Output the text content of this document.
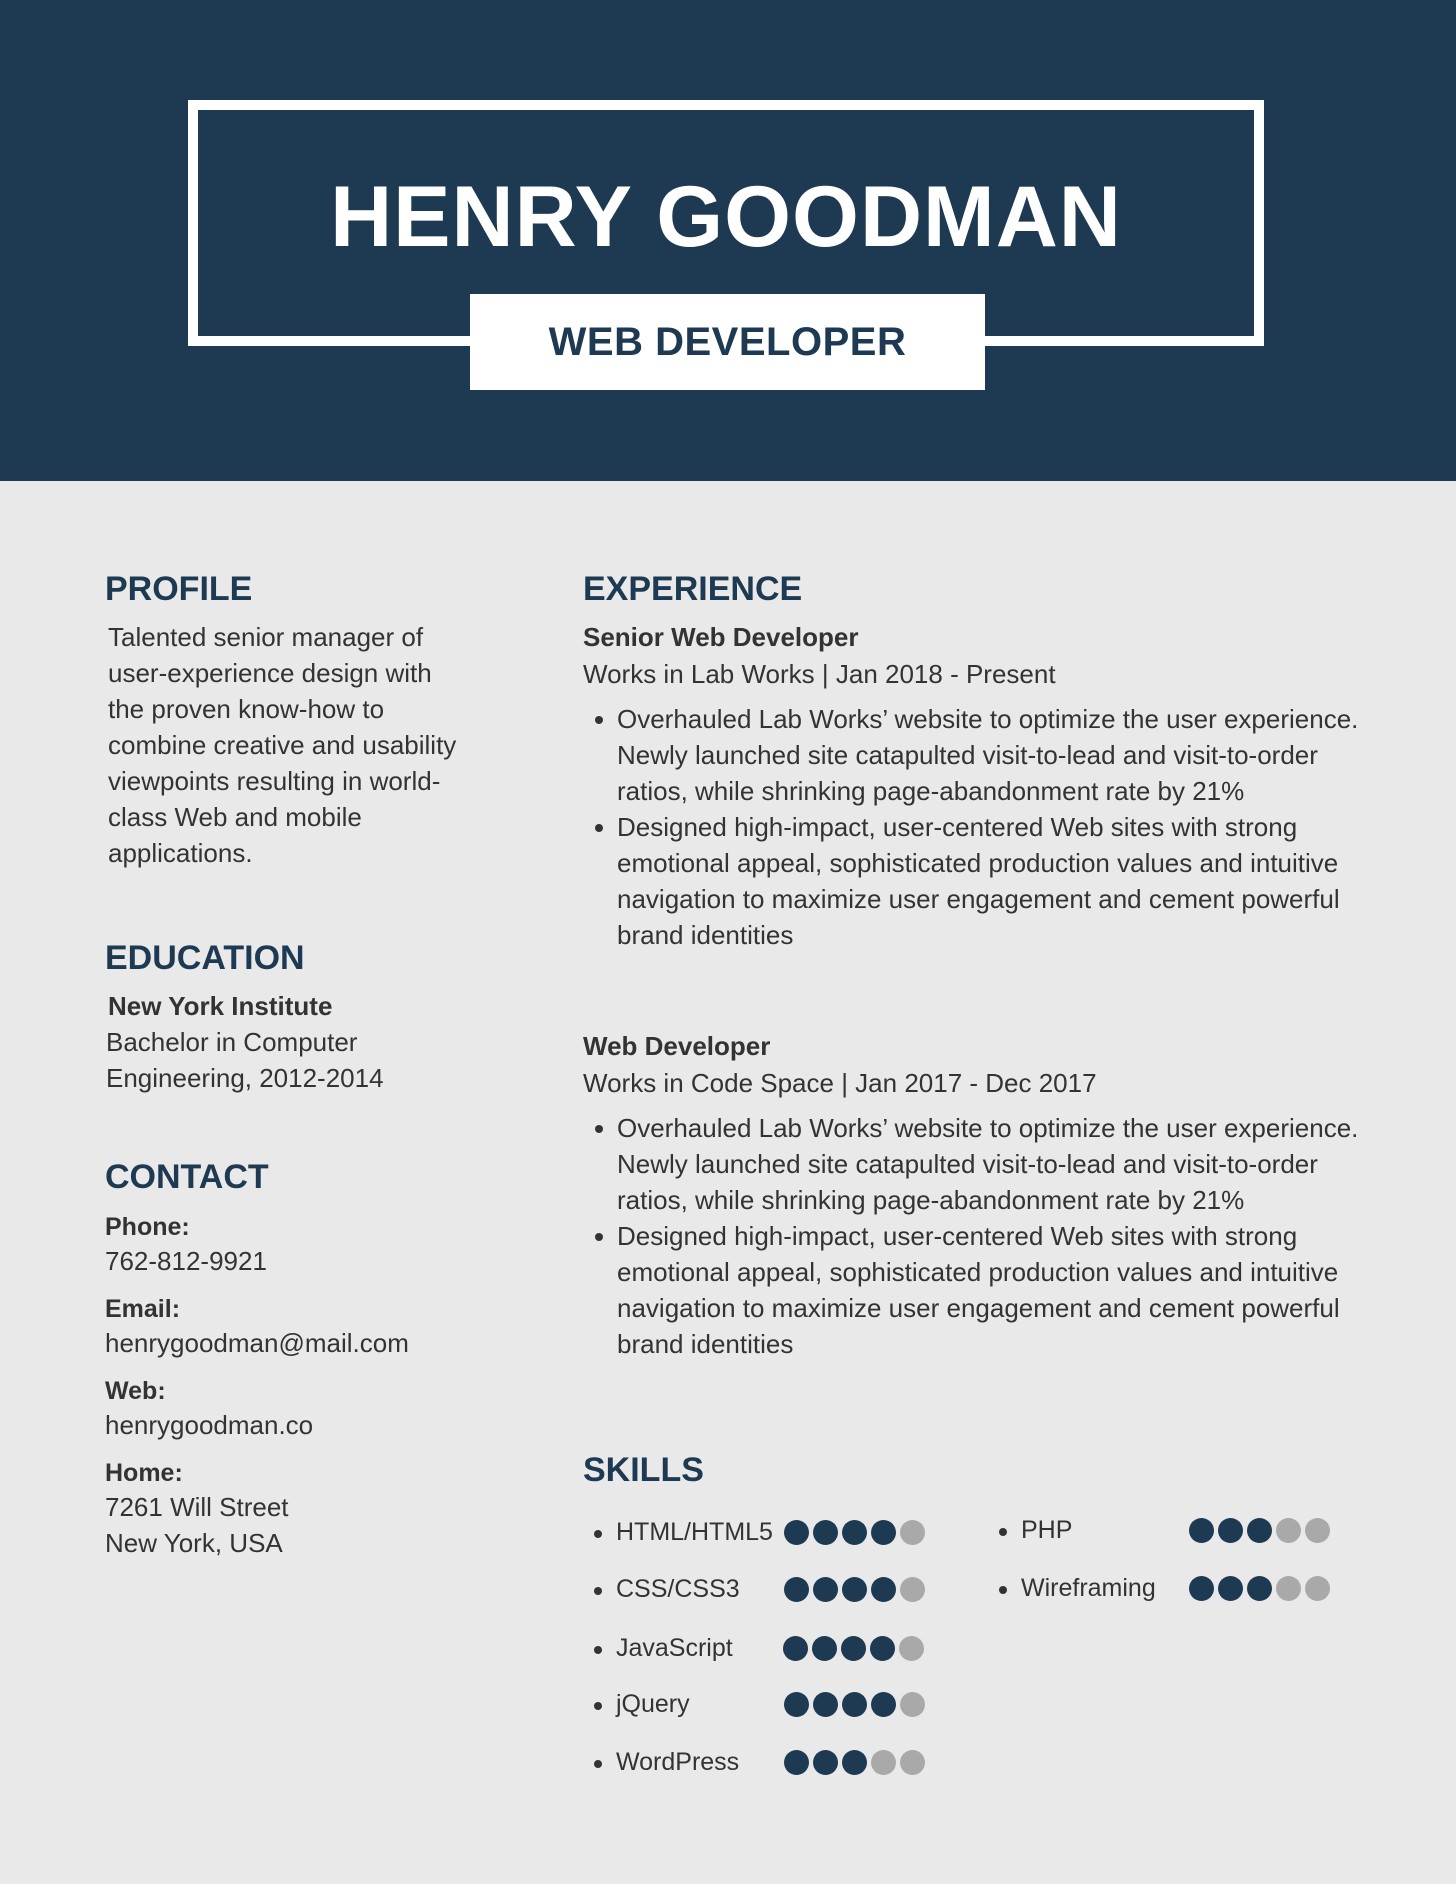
HENRY GOODMAN
WEB DEVELOPER
PROFILE

Talented senior manager of

user-experience design with

the proven know-how to

combine creative and usability

viewpoints resulting in world-

class Web and mobile

applications.

EDUCATION

New York Institute

Bachelor in Computer

Engineering, 2012-2014

CONTACT
Phone:
762-812-9921
Email:
henrygoodman@mail.com
Web:
henrygoodman.co
Home:
7261 Will Street
New York, USA
EXPERIENCE

Senior Web Developer

Works in Lab Works | Jan 2018 - Present

Overhauled Lab Works’ website to optimize the user experience. Newly launched site catapulted visit-to-lead and visit-to-order ratios, while shrinking page-abandonment rate by 21%
Designed high-impact, user-centered Web sites with strong emotional appeal, sophisticated production values and intuitive navigation to maximize user engagement and cement powerful brand identities

Web Developer

Works in Code Space | Jan 2017 - Dec 2017

Overhauled Lab Works’ website to optimize the user experience. Newly launched site catapulted visit-to-lead and visit-to-order ratios, while shrinking page-abandonment rate by 21%
Designed high-impact, user-centered Web sites with strong emotional appeal, sophisticated production values and intuitive navigation to maximize user engagement and cement powerful brand identities
SKILLS
HTML/HTML5
CSS/CSS3
JavaScript
jQuery
WordPress
PHP
Wireframing
